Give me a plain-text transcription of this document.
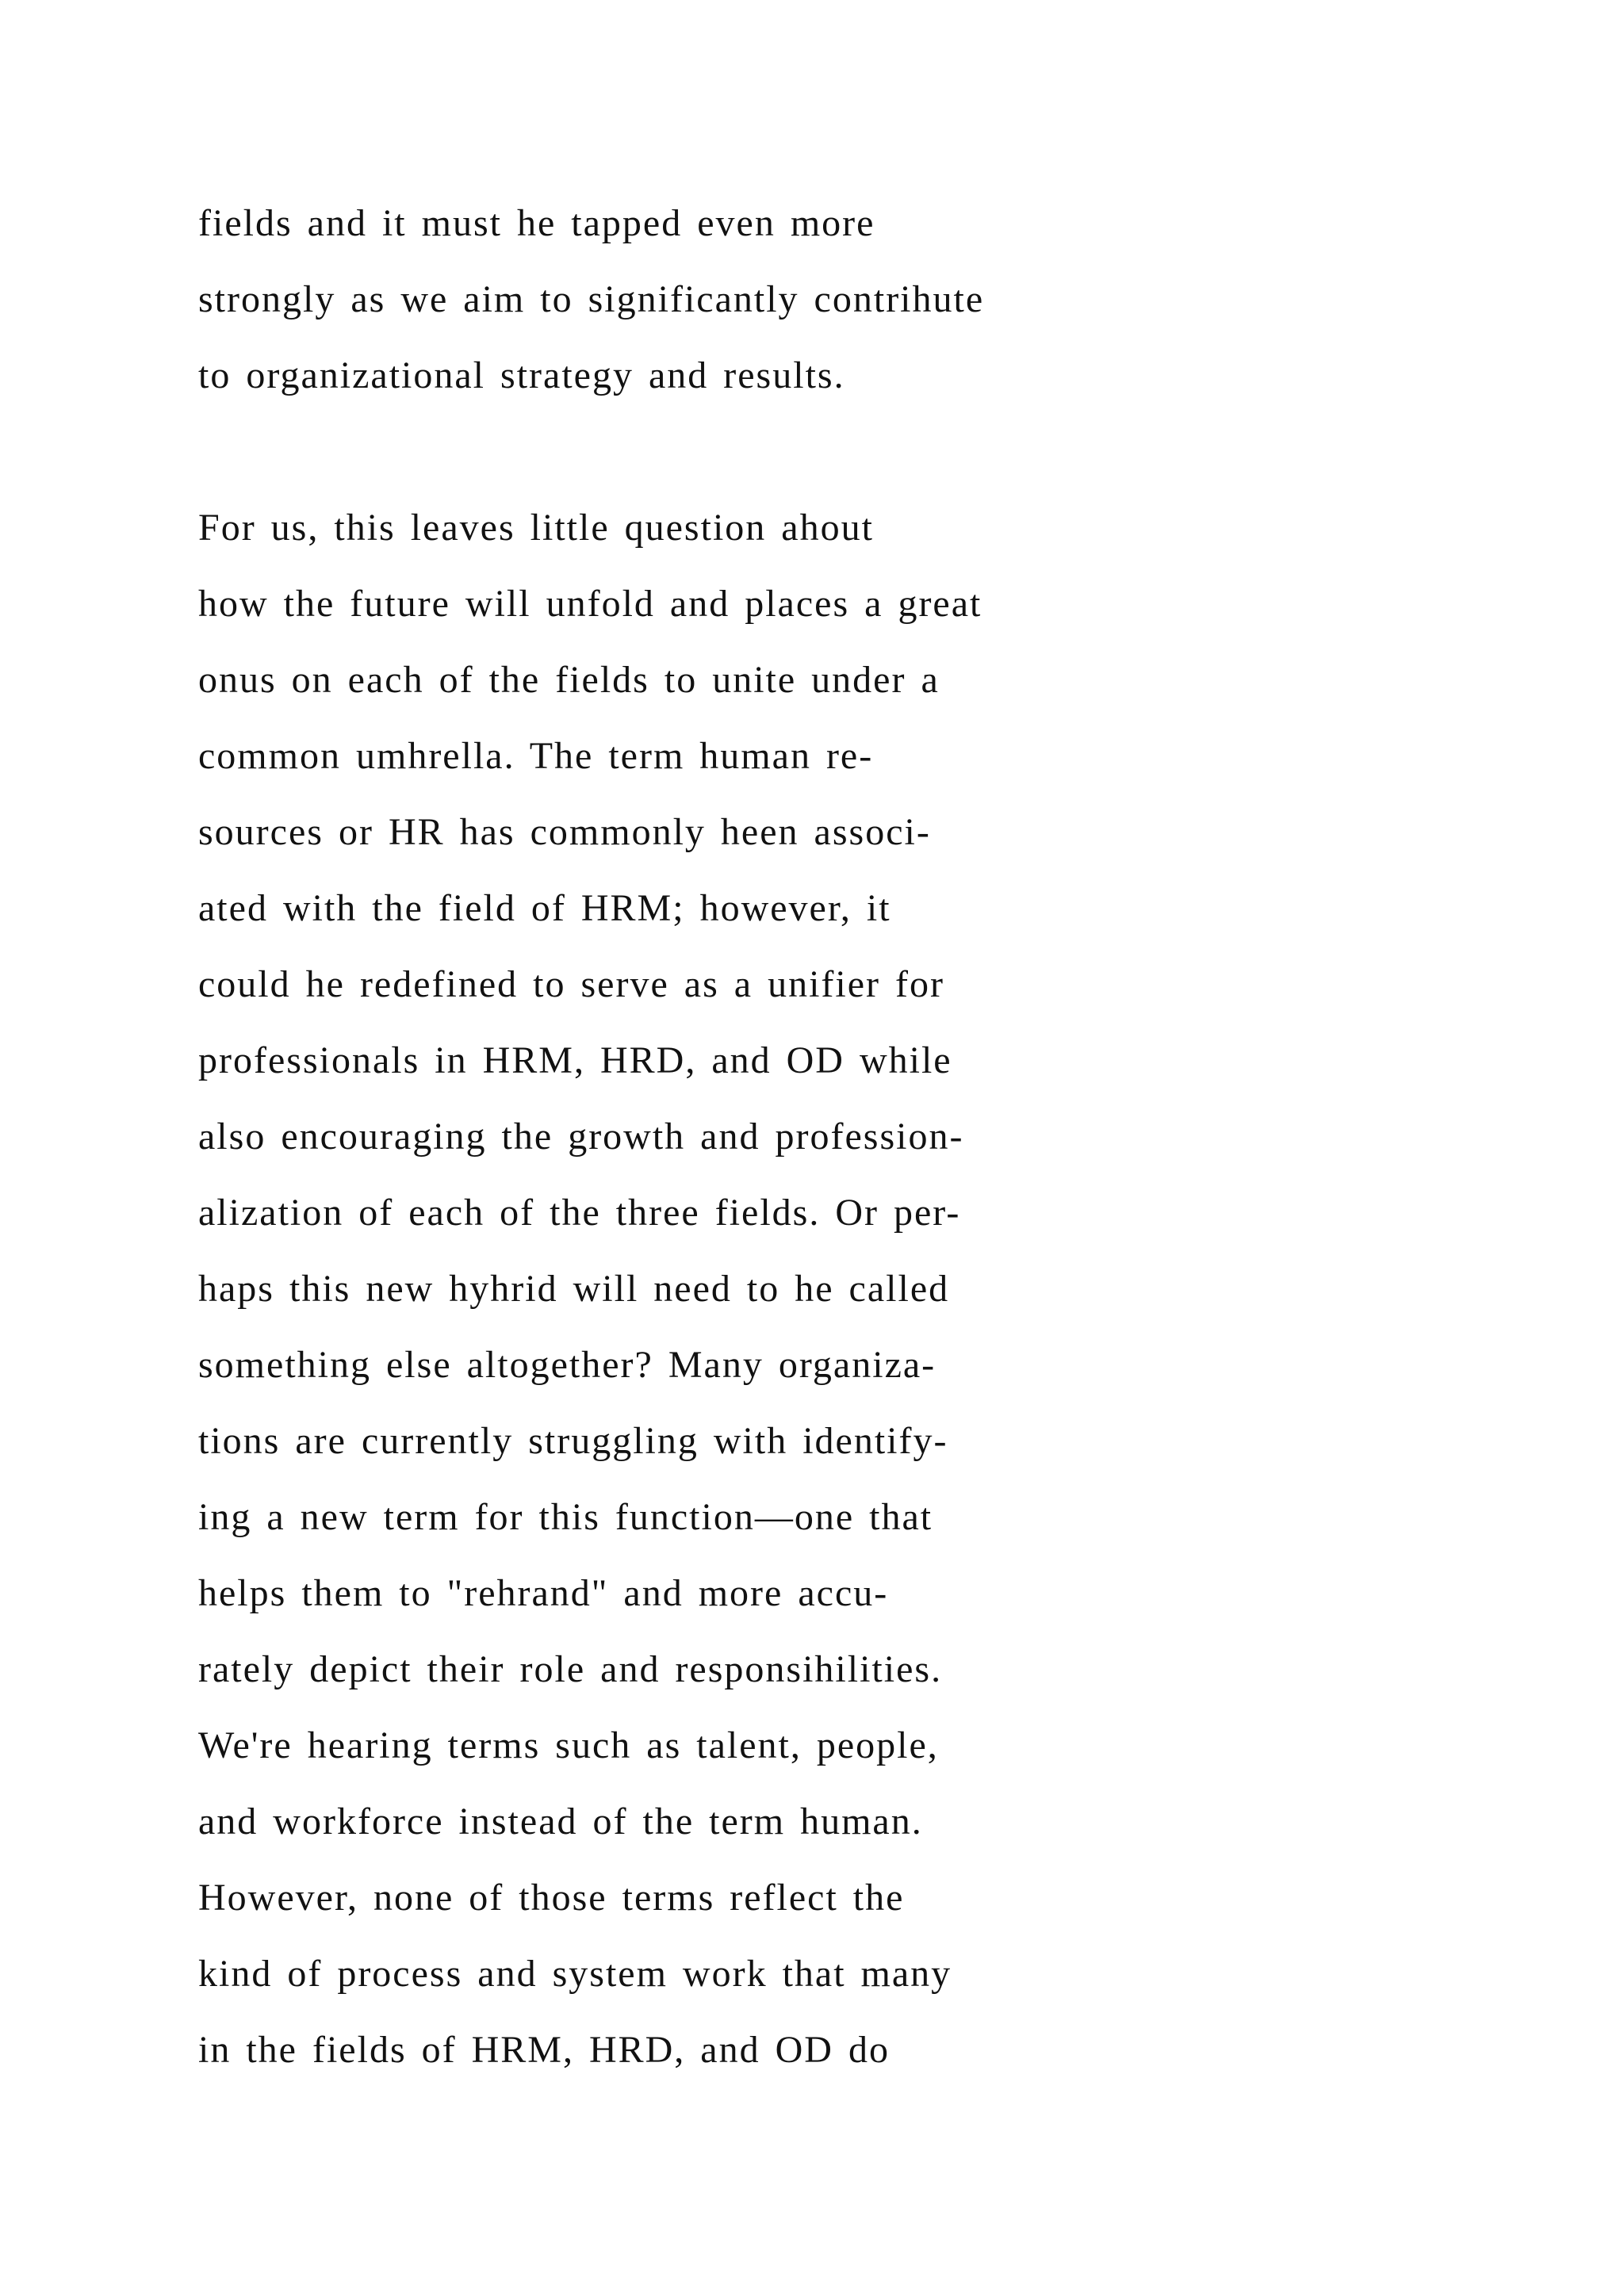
fields and it must he tapped even more
strongly as we aim to significantly contrihute
to organizational strategy and results.
For us, this leaves little question ahout
how the future will unfold and places a great
onus on each of the fields to unite under a
common umhrella. The term human re-
sources or HR has commonly heen associ-
ated with the field of HRM; however, it
could he redefined to serve as a unifier for
professionals in HRM, HRD, and OD while
also encouraging the growth and profession-
alization of each of the three fields. Or per-
haps this new hyhrid will need to he called
something else altogether? Many organiza-
tions are currently struggling with identify-
ing a new term for this function—one that
helps them to "rehrand" and more accu-
rately depict their role and responsihilities.
We're hearing terms such as talent, people,
and workforce instead of the term human.
However, none of those terms reflect the
kind of process and system work that many
in the fields of HRM, HRD, and OD do
